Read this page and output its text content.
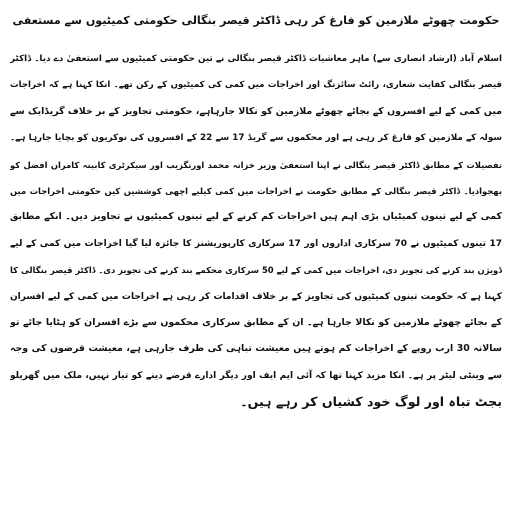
حکومت چھوٹے ملازمین کو فارغ کر رہی ڈاکٹر قیصر بنگالی حکومتی کمیٹیوں سے مستعفی
اسلام آباد (ارشاد انصاری سے) ماہر معاشیات ڈاکٹر قیصر بنگالی نے تین حکومتی کمیٹیوں سے استعفیٰ دے دیا۔ ڈاکٹر
قیصر بنگالی کفایت شعاری، رائٹ سائزنگ اور اخراجات میں کمی کی کمیٹیوں کے رکن تھے۔ انکا کہنا ہے کہ اخراجات
میں کمی کے لیے افسروں کے بجائے چھوٹے ملازمین کو نکالا جارہاہے، حکومتی تجاویز کے بر خلاف گریڈایک سے
سولہ کے ملازمین کو فارغ کر رہی ہے اور محکموں سے گریڈ 17 سے 22 کے افسروں کی نوکریوں کو بچایا جارہا ہے۔
تفصیلات کے مطابق ڈاکٹر قیصر بنگالی نے اپنا استعفیٰ وزیر خزانہ محمد اورنگزیب اور سیکرٹری کابینہ کامران افضل کو
بھجوادیا۔ ڈاکٹر قیصر بنگالی کے مطابق حکومت نے اخراجات میں کمی کیلیے اچھی کوششیں کیں حکومتی اخراجات میں
کمی کے لیے تینوں کمیٹیاں بڑی اہم ہیں اخراجات کم کرنے کے لیے تینوں کمیٹیوں نے تجاویز دیں۔ انکے مطابق
17 تینوں کمیٹیوں نے 70 سرکاری اداروں اور 17 سرکاری کارپوریشنز کا جائزہ لیا گیا اخراجات میں کمی کے لیے
ڈویژن بند کرنے کی تجویز دی، اخراجات میں کمی کے لیے 50 سرکاری محکمے بند کرنے کی تجویز دی۔ ڈاکٹر قیصر بنگالی کا
کہنا ہے کہ حکومت تینوں کمیٹیوں کی تجاویز کے بر خلاف اقدامات کر رہی ہے اخراجات میں کمی کے لیے افسران
کے بجائے چھوٹے ملازمین کو نکالا جارہا ہے۔ ان کے مطابق سرکاری محکموں سے بڑے افسران کو ہٹایا جائے تو
سالانہ 30 ارب روپے کے اخراجات کم ہوتے ہیں معیشت تباہی کی طرف جارہی ہے، معیشت قرضوں کی وجہ
سے وینٹی لیٹر پر ہے۔ انکا مزید کہنا تھا کہ آئی ایم ایف اور دیگر ادارے قرضے دینے کو تیار نہیں، ملک میں گھریلو
بجٹ تباہ اور لوگ خود کشیاں کر رہے ہیں۔
